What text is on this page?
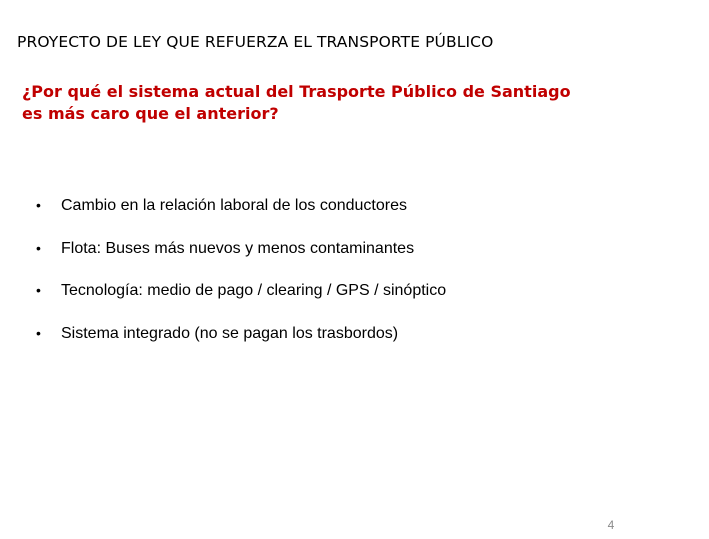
PROYECTO DE LEY QUE REFUERZA EL TRANSPORTE PÚBLICO
¿Por qué el sistema actual del Trasporte Público de Santiago
es más caro que el anterior?
• Cambio en la relación laboral de los conductores
• Flota: Buses más nuevos y menos contaminantes
• Tecnología: medio de pago / clearing / GPS / sinóptico
• Sistema integrado (no se pagan los trasbordos)
4
